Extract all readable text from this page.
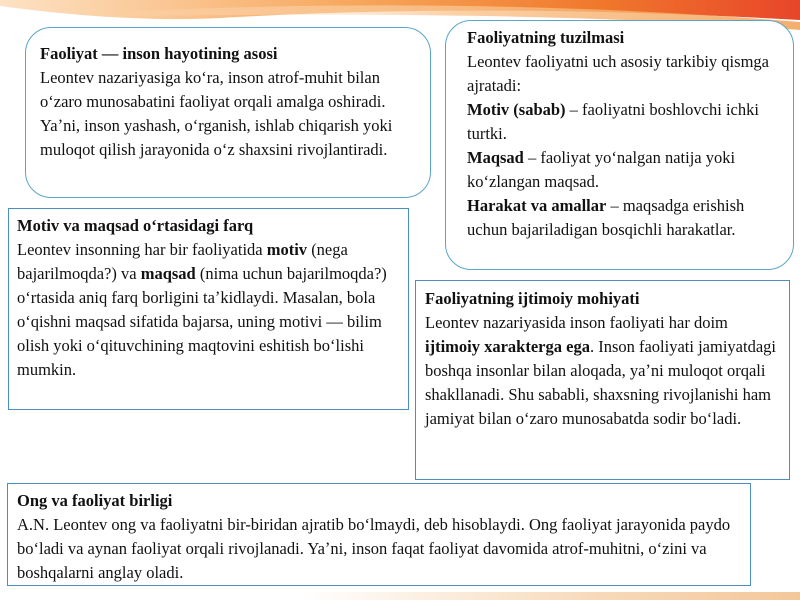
Faoliyat — inson hayotining asosi

Leontev nazariyasiga koʻra, inson atrof-muhit bilan oʻzaro munosabatini faoliyat orqali amalga oshiradi. Yaʼni, inson yashash, oʻrganish, ishlab chiqarish yoki muloqot qilish jarayonida oʻz shaxsini rivojlantiradi.

Faoliyatning tuzilmasi

Leontev faoliyatni uch asosiy tarkibiy qismga ajratadi:

Motiv (sabab) – faoliyatni boshlovchi ichki turtki.

Maqsad – faoliyat yoʻnalgan natija yoki koʻzlangan maqsad.

Harakat va amallar – maqsadga erishish uchun bajariladigan bosqichli harakatlar.

Motiv va maqsad oʻrtasidagi farq

Leontev insonning har bir faoliyatida motiv (nega bajarilmoqda?) va maqsad (nima uchun bajarilmoqda?) oʻrtasida aniq farq borligini taʼkidlaydi. Masalan, bola oʻqishni maqsad sifatida bajarsa, uning motivi — bilim olish yoki oʻqituvchining maqtovini eshitish boʻlishi mumkin.

Faoliyatning ijtimoiy mohiyati

Leontev nazariyasida inson faoliyati har doim ijtimoiy xarakterga ega. Inson faoliyati jamiyatdagi boshqa insonlar bilan aloqada, yaʼni muloqot orqali shakllanadi. Shu sababli, shaxsning rivojlanishi ham jamiyat bilan oʻzaro munosabatda sodir boʻladi.

Ong va faoliyat birligi

A.N. Leontev ong va faoliyatni bir-biridan ajratib boʻlmaydi, deb hisoblaydi. Ong faoliyat jarayonida paydo boʻladi va aynan faoliyat orqali rivojlanadi. Yaʼni, inson faqat faoliyat davomida atrof-muhitni, oʻzini va boshqalarni anglay oladi.
